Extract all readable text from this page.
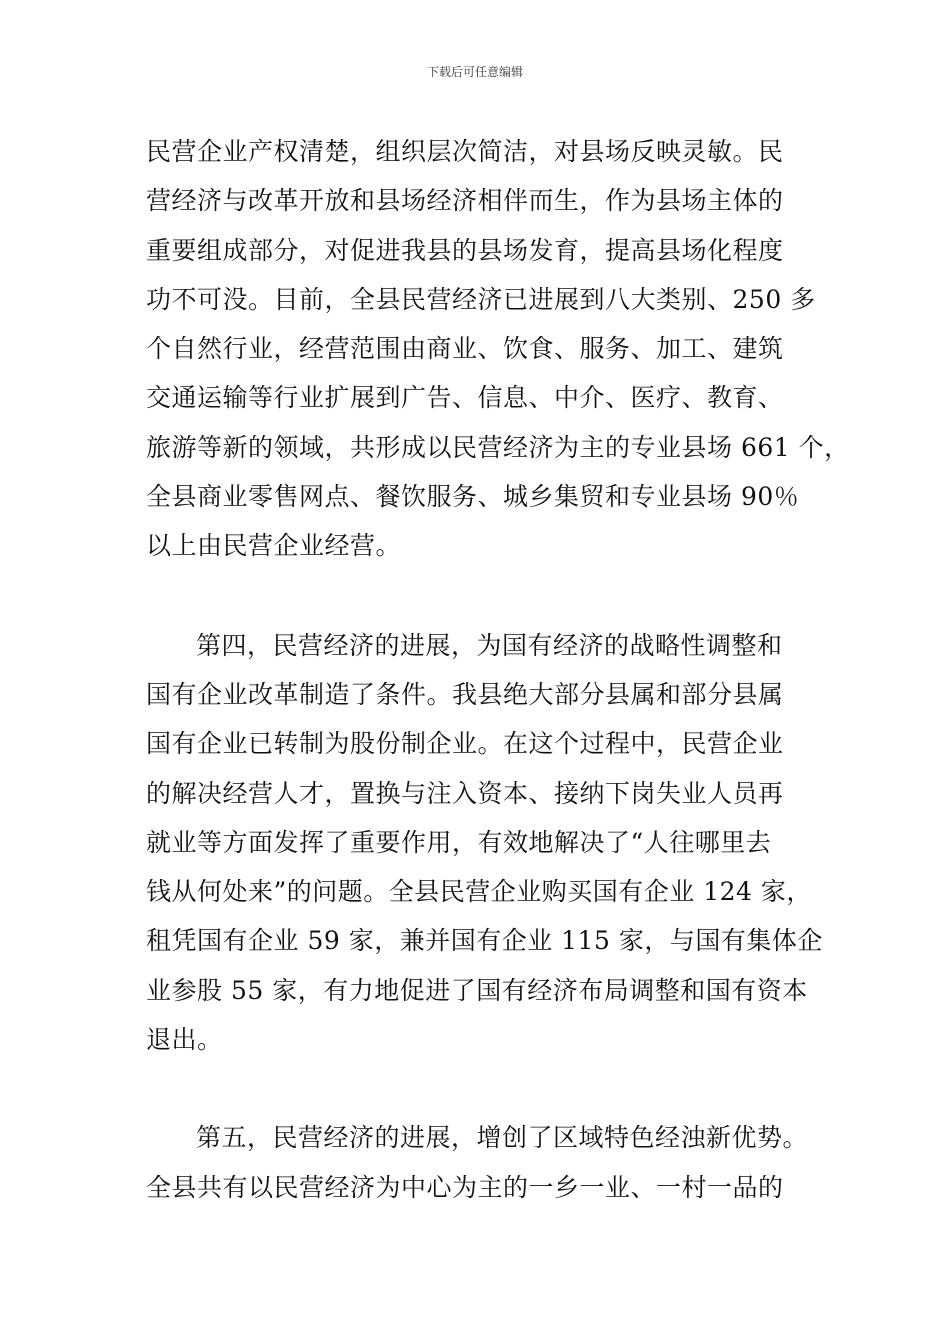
下载后可任意编辑
民营企业产权清楚，组织层次简洁，对县场反映灵敏。民
营经济与改革开放和县场经济相伴而生，作为县场主体的
重要组成部分，对促进我县的县场发育，提高县场化程度
功不可没。目前，全县民营经济已进展到八大类别、250 多
个自然行业，经营范围由商业、饮食、服务、加工、建筑
交通运输等行业扩展到广告、信息、中介、医疗、教育、
旅游等新的领域，共形成以民营经济为主的专业县场 661 个，
全县商业零售网点、餐饮服务、城乡集贸和专业县场 90％
以上由民营企业经营。
第四，民营经济的进展，为国有经济的战略性调整和
国有企业改革制造了条件。我县绝大部分县属和部分县属
国有企业已转制为股份制企业。在这个过程中，民营企业
的解决经营人才，置换与注入资本、接纳下岗失业人员再
就业等方面发挥了重要作用，有效地解决了“人往哪里去
钱从何处来”的问题。全县民营企业购买国有企业 124 家，
租凭国有企业 59 家，兼并国有企业 115 家，与国有集体企
业参股 55 家，有力地促进了国有经济布局调整和国有资本
退出。
第五，民营经济的进展，增创了区域特色经浊新优势。
全县共有以民营经济为中心为主的一乡一业、一村一品的
